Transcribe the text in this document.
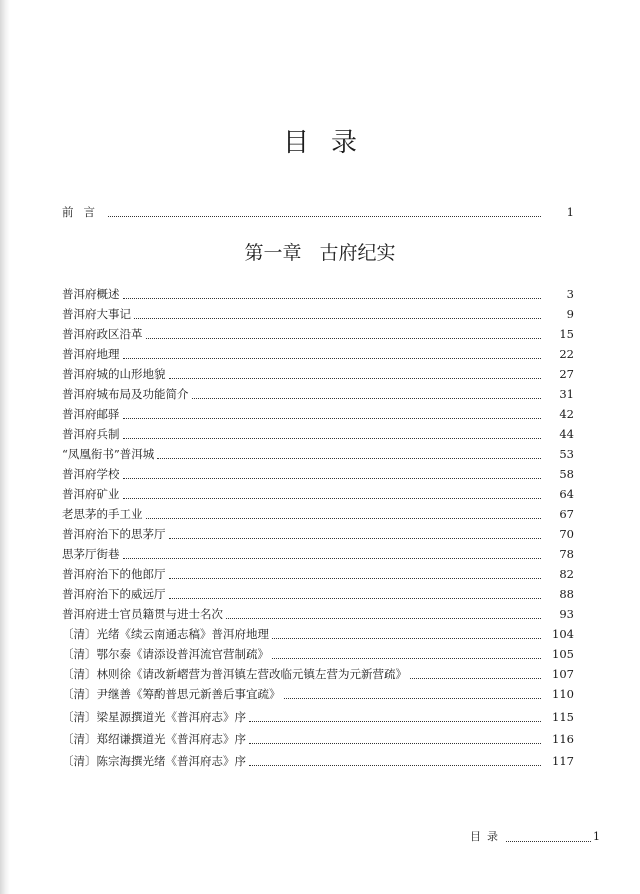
目录
前言	1
第一章 古府纪实
普洱府概述	3
普洱府大事记	9
普洱府政区沿革	15
普洱府地理	22
普洱府城的山形地貌	27
普洱府城布局及功能简介	31
普洱府邮驿	42
普洱府兵制	44
“凤凰衔书”普洱城	53
普洱府学校	58
普洱府矿业	64
老思茅的手工业	67
普洱府治下的思茅厅	70
思茅厅街巷	78
普洱府治下的他郎厅	82
普洱府治下的威远厅	88
普洱府进士官员籍贯与进士名次	93
〔清〕光绪《续云南通志稿》普洱府地理	104
〔清〕鄂尔泰《请添设普洱流官营制疏》	105
〔清〕林则徐《请改新嶍营为普洱镇左营改临元镇左营为元新营疏》	107
〔清〕尹继善《筹酌普思元新善后事宜疏》	110
〔清〕梁星源撰道光《普洱府志》序	115
〔清〕郑绍谦撰道光《普洱府志》序	116
〔清〕陈宗海撰光绪《普洱府志》序	117
目录	1
